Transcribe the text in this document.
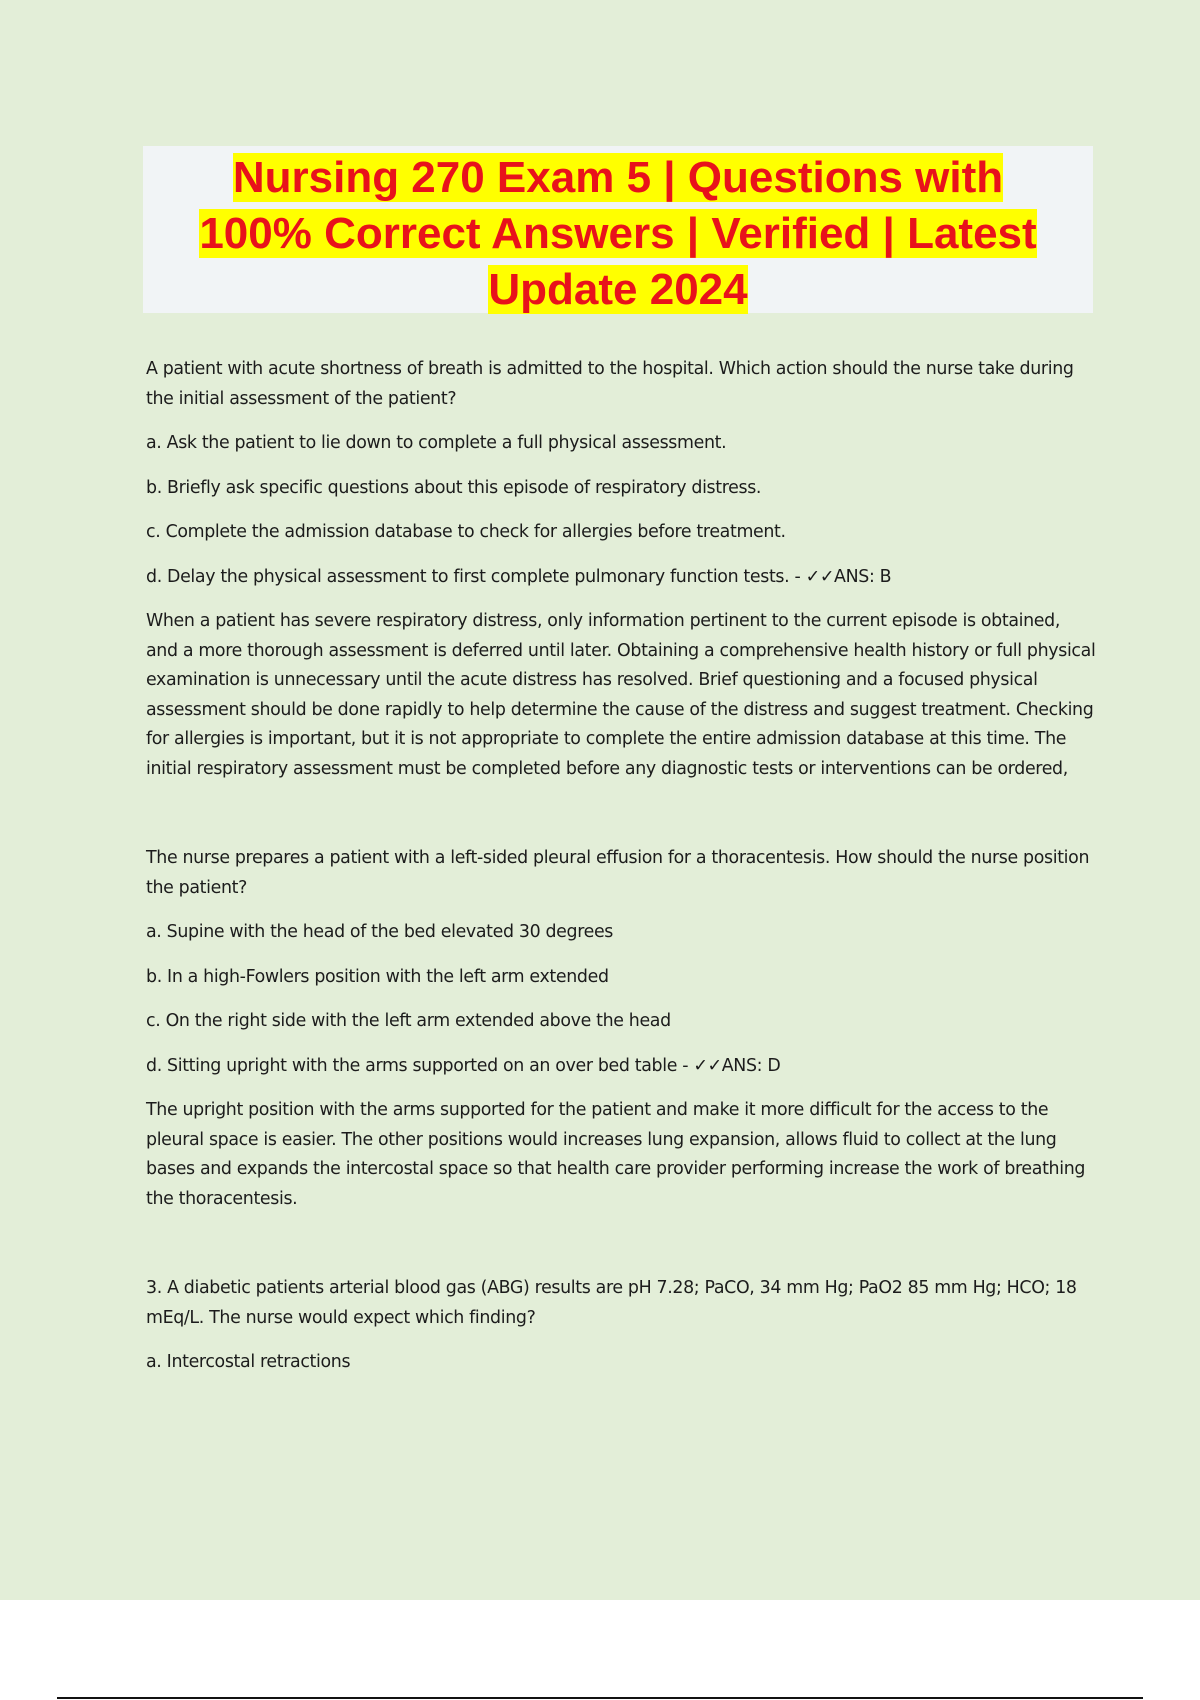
Nursing 270 Exam 5 | Questions with
100% Correct Answers | Verified | Latest
Update 2024

A patient with acute shortness of breath is admitted to the hospital. Which action should the nurse take during the initial assessment of the patient?

a. Ask the patient to lie down to complete a full physical assessment.

b. Briefly ask specific questions about this episode of respiratory distress.

c. Complete the admission database to check for allergies before treatment.

d. Delay the physical assessment to first complete pulmonary function tests. - ✓✓ANS: B

When a patient has severe respiratory distress, only information pertinent to the current episode is obtained, and a more thorough assessment is deferred until later. Obtaining a comprehensive health history or full physical examination is unnecessary until the acute distress has resolved. Brief questioning and a focused physical assessment should be done rapidly to help determine the cause of the distress and suggest treatment. Checking for allergies is important, but it is not appropriate to complete the entire admission database at this time. The initial respiratory assessment must be completed before any diagnostic tests or interventions can be ordered,

The nurse prepares a patient with a left-sided pleural effusion for a thoracentesis. How should the nurse position the patient?

a. Supine with the head of the bed elevated 30 degrees

b. In a high-Fowlers position with the left arm extended

c. On the right side with the left arm extended above the head

d. Sitting upright with the arms supported on an over bed table - ✓✓ANS: D

The upright position with the arms supported for the patient and make it more difficult for the access to the pleural space is easier. The other positions would increases lung expansion, allows fluid to collect at the lung bases and expands the intercostal space so that health care provider performing increase the work of breathing the thoracentesis.

3. A diabetic patients arterial blood gas (ABG) results are pH 7.28; PaCO, 34 mm Hg; PaO2 85 mm Hg; HCO; 18 mEq/L. The nurse would expect which finding?

a. Intercostal retractions
